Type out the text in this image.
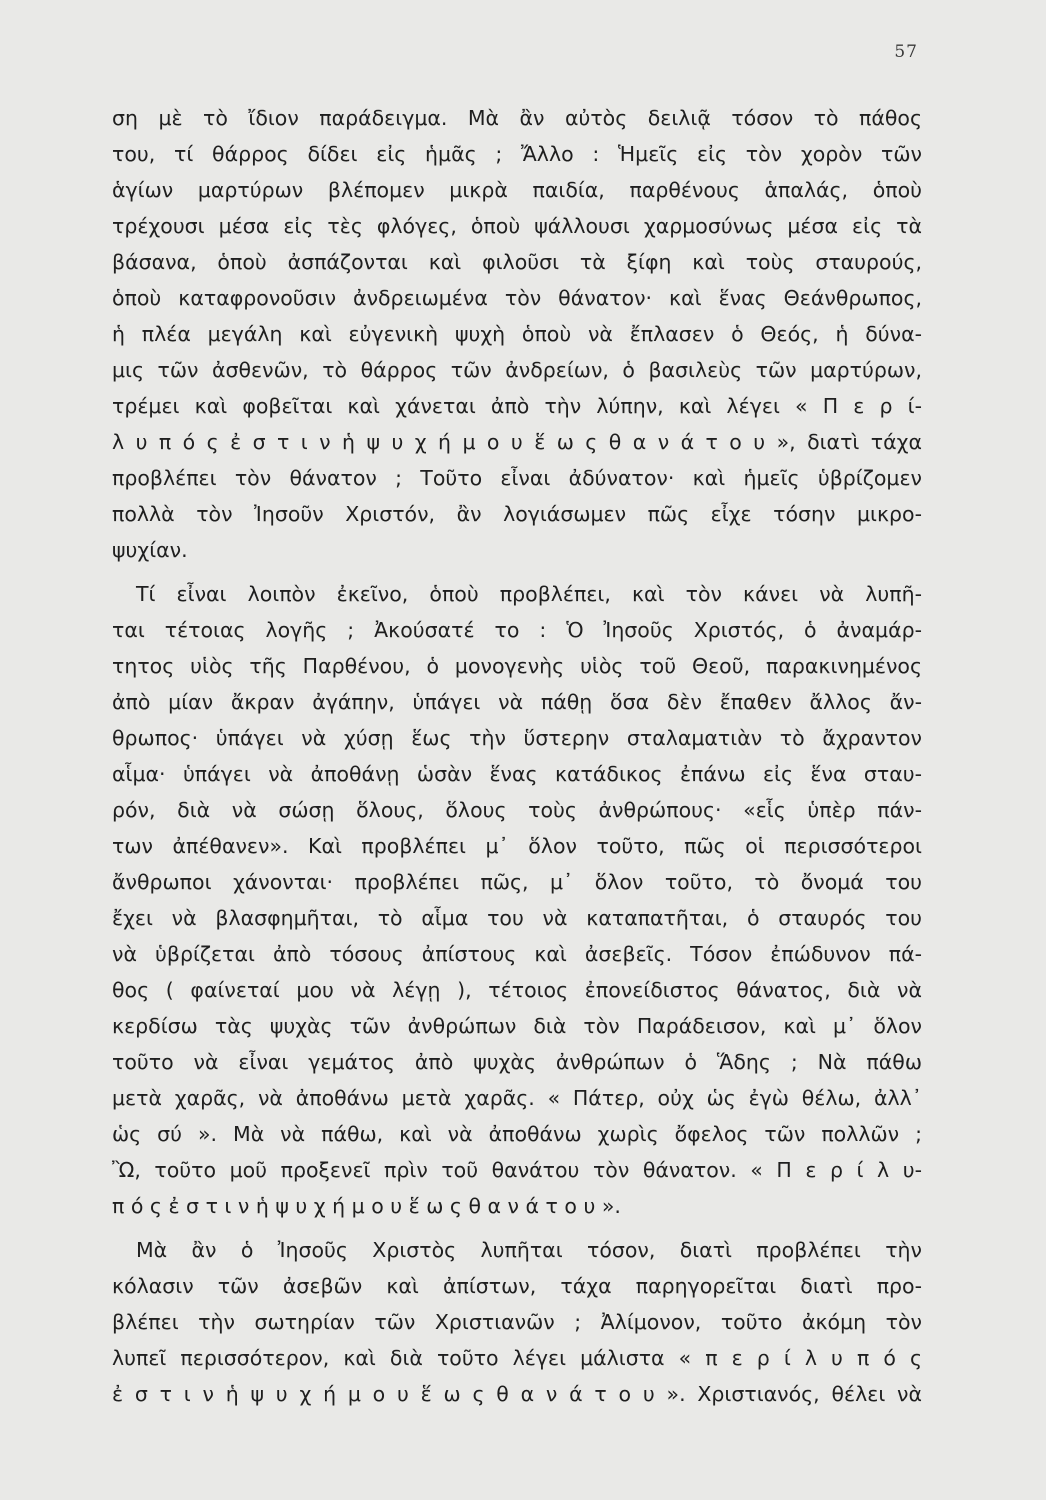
57
ση μὲ τὸ ἴδιον παράδειγμα. Μὰ ἂν αὐτὸς δειλιᾷ τόσον τὸ πάθος
του, τί θάρρος δίδει εἰς ἡμᾶς ; Ἄλλο : Ἡμεῖς εἰς τὸν χορὸν τῶν
ἁγίων μαρτύρων βλέπομεν μικρὰ παιδία, παρθένους ἁπαλάς, ὁποὺ
τρέχουσι μέσα εἰς τὲς φλόγες, ὁποὺ ψάλλουσι χαρμοσύνως μέσα εἰς τὰ
βάσανα, ὁποὺ ἀσπάζονται καὶ φιλοῦσι τὰ ξίφη καὶ τοὺς σταυρούς,
ὁποὺ καταφρονοῦσιν ἀνδρειωμένα τὸν θάνατον· καὶ ἕνας Θεάνθρωπος,
ἡ πλέα μεγάλη καὶ εὐγενικὴ ψυχὴ ὁποὺ νὰ ἔπλασεν ὁ Θεός, ἡ δύνα-
μις τῶν ἀσθενῶν, τὸ θάρρος τῶν ἀνδρείων, ὁ βασιλεὺς τῶν μαρτύρων,
τρέμει καὶ φοβεῖται καὶ χάνεται ἀπὸ τὴν λύπην, καὶ λέγει « Π ε ρ ί-
λ υ π ό ς ἐ σ τ ι ν ἡ ψ υ χ ή μ ο υ ἕ ω ς θ α ν ά τ ο υ », διατὶ τάχα
προβλέπει τὸν θάνατον ; Τοῦτο εἶναι ἀδύνατον· καὶ ἡμεῖς ὑβρίζομεν
πολλὰ τὸν Ἰησοῦν Χριστόν, ἂν λογιάσωμεν πῶς εἶχε τόσην μικρο-
ψυχίαν.
Τί εἶναι λοιπὸν ἐκεῖνο, ὁποὺ προβλέπει, καὶ τὸν κάνει νὰ λυπῆ-
ται τέτοιας λογῆς ; Ἀκούσατέ το : Ὁ Ἰησοῦς Χριστός, ὁ ἀναμάρ-
τητος υἱὸς τῆς Παρθένου, ὁ μονογενὴς υἱὸς τοῦ Θεοῦ, παρακινημένος
ἀπὸ μίαν ἄκραν ἀγάπην, ὑπάγει νὰ πάθῃ ὅσα δὲν ἔπαθεν ἄλλος ἄν-
θρωπος· ὑπάγει νὰ χύσῃ ἕως τὴν ὕστερην σταλαματιὰν τὸ ἄχραντον
αἷμα· ὑπάγει νὰ ἀποθάνῃ ὡσὰν ἕνας κατάδικος ἐπάνω εἰς ἕνα σταυ-
ρόν, διὰ νὰ σώσῃ ὅλους, ὅλους τοὺς ἀνθρώπους· «εἷς ὑπὲρ πάν-
των ἀπέθανεν». Καὶ προβλέπει μ᾿ ὅλον τοῦτο, πῶς οἱ περισσότεροι
ἄνθρωποι χάνονται· προβλέπει πῶς, μ᾿ ὅλον τοῦτο, τὸ ὄνομά του
ἔχει νὰ βλασφημῆται, τὸ αἷμα του νὰ καταπατῆται, ὁ σταυρός του
νὰ ὑβρίζεται ἀπὸ τόσους ἀπίστους καὶ ἀσεβεῖς. Τόσον ἐπώδυνον πά-
θος ( φαίνεταί μου νὰ λέγῃ ), τέτοιος ἐπονείδιστος θάνατος, διὰ νὰ
κερδίσω τὰς ψυχὰς τῶν ἀνθρώπων διὰ τὸν Παράδεισον, καὶ μ᾿ ὅλον
τοῦτο νὰ εἶναι γεμάτος ἀπὸ ψυχὰς ἀνθρώπων ὁ Ἅδης ; Νὰ πάθω
μετὰ χαρᾶς, νὰ ἀποθάνω μετὰ χαρᾶς. « Πάτερ, οὐχ ὡς ἐγὼ θέλω, ἀλλ᾿
ὡς σύ ». Μὰ νὰ πάθω, καὶ νὰ ἀποθάνω χωρὶς ὄφελος τῶν πολλῶν ;
Ὢ, τοῦτο μοῦ προξενεῖ πρὶν τοῦ θανάτου τὸν θάνατον. « Π ε ρ ί λ υ-
π ό ς ἐ σ τ ι ν ἡ ψ υ χ ή μ ο υ ἕ ω ς θ α ν ά τ ο υ ».
Μὰ ἂν ὁ Ἰησοῦς Χριστὸς λυπῆται τόσον, διατὶ προβλέπει τὴν
κόλασιν τῶν ἀσεβῶν καὶ ἀπίστων, τάχα παρηγορεῖται διατὶ προ-
βλέπει τὴν σωτηρίαν τῶν Χριστιανῶν ; Ἀλίμονον, τοῦτο ἀκόμη τὸν
λυπεῖ περισσότερον, καὶ διὰ τοῦτο λέγει μάλιστα « π ε ρ ί λ υ π ό ς
ἐ σ τ ι ν ἡ ψ υ χ ή μ ο υ ἕ ω ς θ α ν ά τ ο υ ». Χριστιανός, θέλει νὰ
